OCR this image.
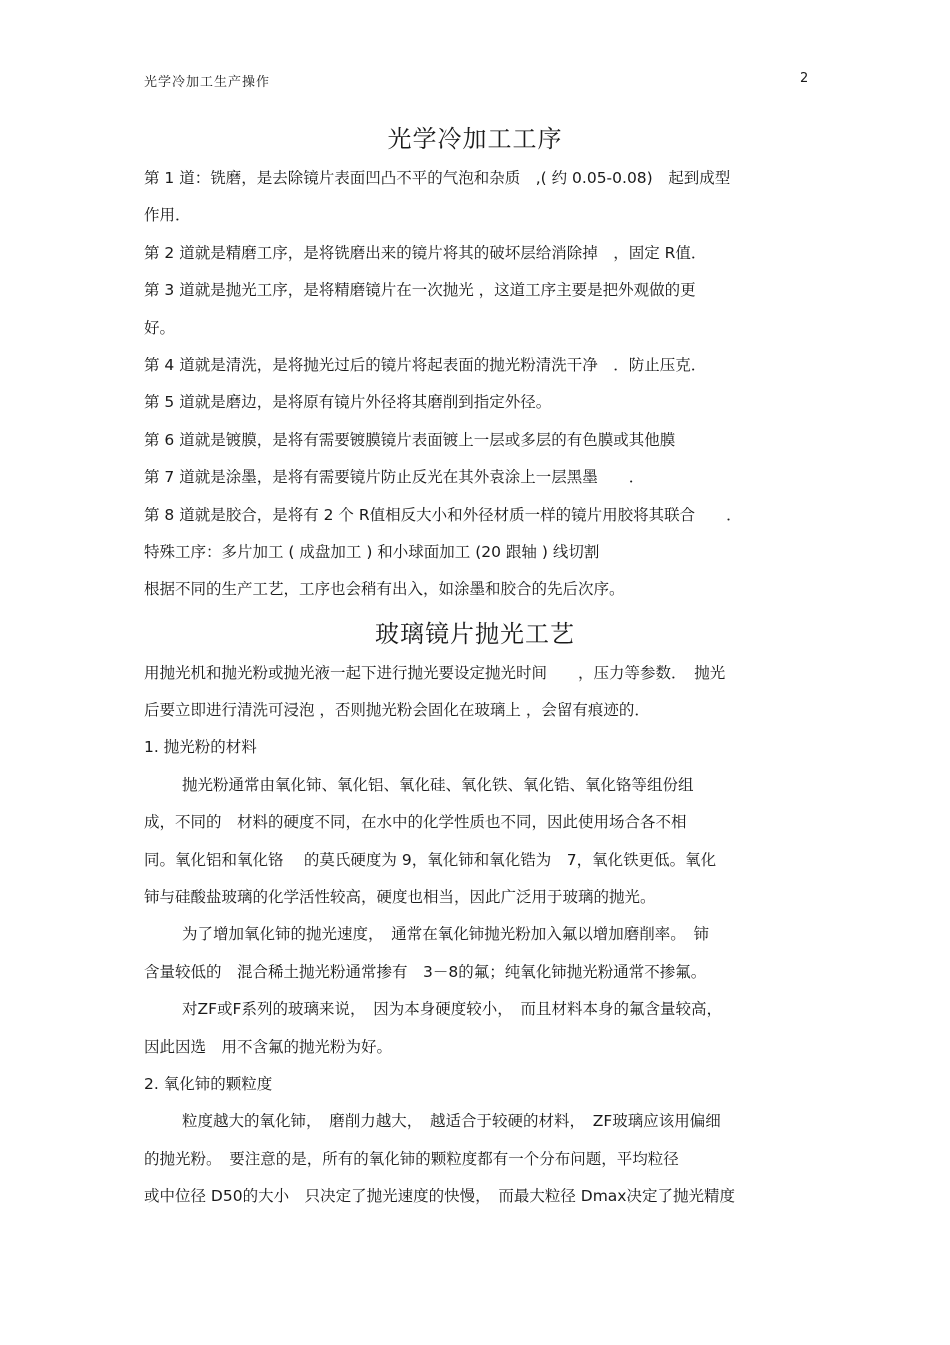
光学冷加工生产操作	2
光学冷加工工序

第 1 道：铣磨，是去除镜片表面凹凸不平的气泡和杂质　,( 约 0.05-0.08)　起到成型

作用．

第 2 道就是精磨工序，是将铣磨出来的镜片将其的破坏层给消除掉　，固定 R值．

第 3 道就是抛光工序，是将精磨镜片在一次抛光 ，这道工序主要是把外观做的更

好。

第 4 道就是清洗，是将抛光过后的镜片将起表面的抛光粉清洗干净　．防止压克．

第 5 道就是磨边，是将原有镜片外径将其磨削到指定外径。

第 6 道就是镀膜，是将有需要镀膜镜片表面镀上一层或多层的有色膜或其他膜

第 7 道就是涂墨，是将有需要镜片防止反光在其外袁涂上一层黑墨　　．

第 8 道就是胶合，是将有 2 个 R值相反大小和外径材质一样的镜片用胶将其联合　　．

特殊工序：多片加工 ( 成盘加工 ) 和小球面加工 (20 跟轴 ) 线切割

根据不同的生产工艺，工序也会稍有出入，如涂墨和胶合的先后次序。

玻璃镜片抛光工艺

用抛光机和抛光粉或抛光液一起下进行抛光要设定抛光时间　　，压力等参数．　抛光

后要立即进行清洗可浸泡 ，否则抛光粉会固化在玻璃上 ，会留有痕迹的．

1. 抛光粉的材料

抛光粉通常由氧化铈、氧化铝、氧化硅、氧化铁、氧化锆、氧化铬等组份组

成，不同的　材料的硬度不同，在水中的化学性质也不同，因此使用场合各不相

同。氧化铝和氧化铬　 的莫氏硬度为 9，氧化铈和氧化锆为　7，氧化铁更低。氧化

铈与硅酸盐玻璃的化学活性较高，硬度也相当，因此广泛用于玻璃的抛光。

为了增加氧化铈的抛光速度，　通常在氧化铈抛光粉加入氟以增加磨削率。　铈

含量较低的　混合稀土抛光粉通常掺有　3－8的氟；纯氧化铈抛光粉通常不掺氟。

对ZF或F系列的玻璃来说，　因为本身硬度较小，　而且材料本身的氟含量较高，

因此因选　用不含氟的抛光粉为好。

2. 氧化铈的颗粒度

粒度越大的氧化铈，　磨削力越大，　越适合于较硬的材料，　ZF玻璃应该用偏细

的抛光粉。　要注意的是，所有的氧化铈的颗粒度都有一个分布问题，平均粒径

或中位径 D50的大小　只决定了抛光速度的快慢，　而最大粒径 Dmax决定了抛光精度
